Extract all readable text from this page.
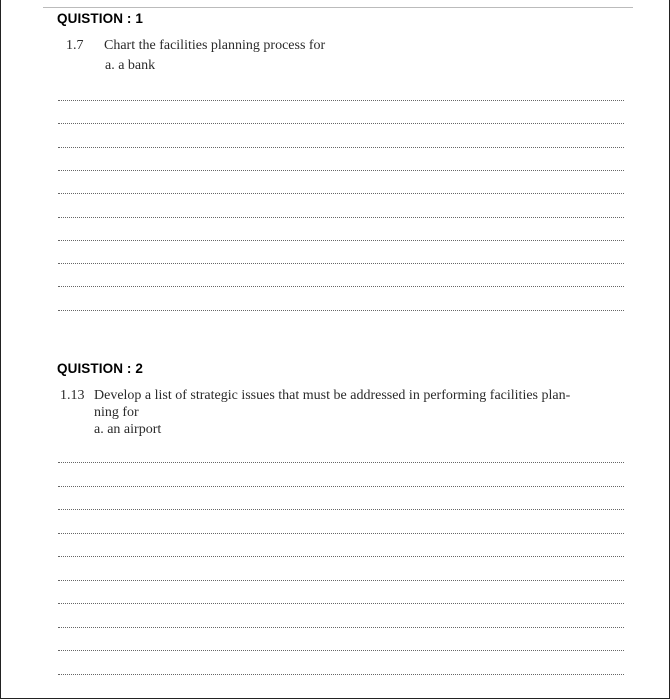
QUISTION : 1
1.7 Chart the facilities planning process for
a. a bank
QUISTION : 2
1.13 Develop a list of strategic issues that must be addressed in performing facilities plan-
ning for
a. an airport
